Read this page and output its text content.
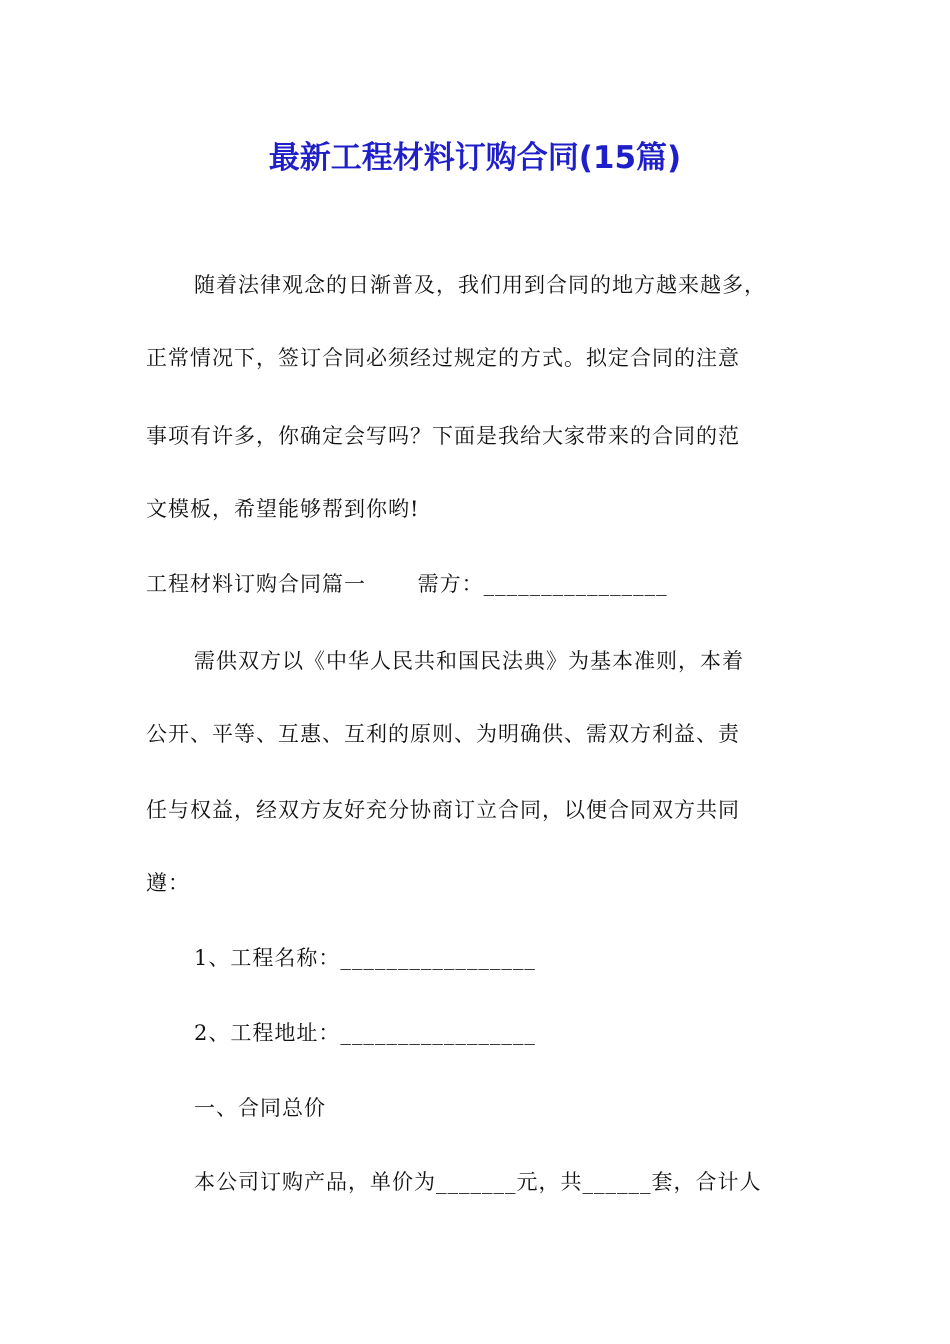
最新工程材料订购合同(15篇)
随着法律观念的日渐普及，我们用到合同的地方越来越多，
正常情况下，签订合同必须经过规定的方式。拟定合同的注意
事项有许多，你确定会写吗？下面是我给大家带来的合同的范
文模板，希望能够帮到你哟!
工程材料订购合同篇一　　 需方：________________
需供双方以《中华人民共和国民法典》为基本准则，本着
公开、平等、互惠、互利的原则、为明确供、需双方利益、责
任与权益，经双方友好充分协商订立合同，以便合同双方共同
遵：
1、工程名称：_________________
2、工程地址：_________________
一、合同总价
本公司订购产品，单价为_______元，共______套，合计人
